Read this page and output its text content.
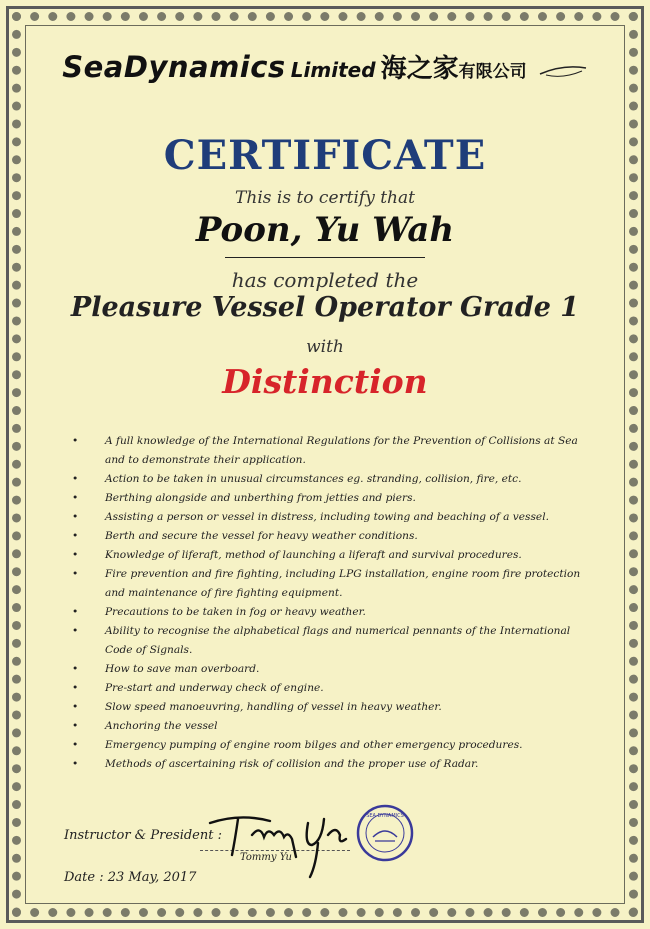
SeaDynamics Limited 海之家有限公司
CERTIFICATE
This is to certify that
Poon, Yu Wah
has completed the
Pleasure Vessel Operator Grade 1
with
Distinction
• A full knowledge of the International Regulations for the Prevention of Collisions at Sea and to demonstrate their application.
• Action to be taken in unusual circumstances eg. stranding, collision, fire, etc.
• Berthing alongside and unberthing from jetties and piers.
• Assisting a person or vessel in distress, including towing and beaching of a vessel.
• Berth and secure the vessel for heavy weather conditions.
• Knowledge of liferaft, method of launching a liferaft and survival procedures.
• Fire prevention and fire fighting, including LPG installation, engine room fire protection and maintenance of fire fighting equipment.
• Precautions to be taken in fog or heavy weather.
• Ability to recognise the alphabetical flags and numerical pennants of the International Code of Signals.
• How to save man overboard.
• Pre-start and underway check of engine.
• Slow speed manoeuvring, handling of vessel in heavy weather.
• Anchoring the vessel
• Emergency pumping of engine room bilges and other emergency procedures.
• Methods of ascertaining risk of collision and the proper use of Radar.
Instructor & President :
Tommy Yu
SEA DYNAMICS
Date : 23 May, 2017
